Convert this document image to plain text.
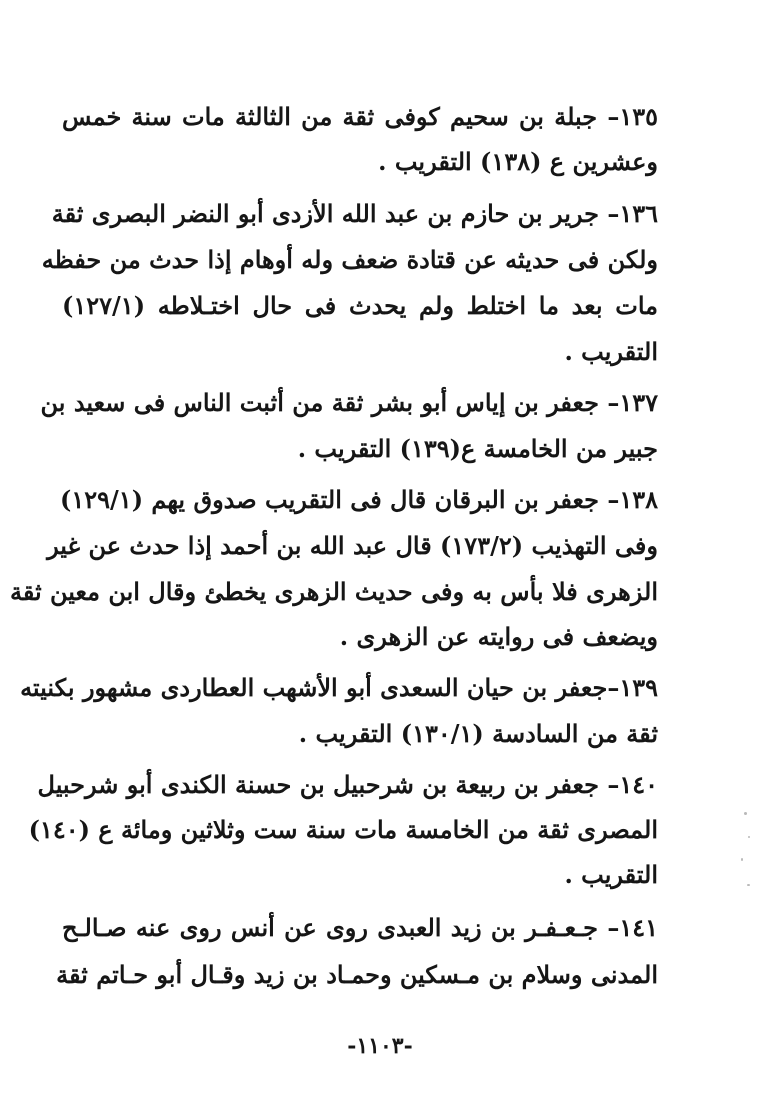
١٣٥– جبلة بن سحيم كوفى ثقة من الثالثة مات سنة خمس
وعشرين ع (١٣٨) التقريب .
١٣٦– جرير بن حازم بن عبد الله الأزدى أبو النضر البصرى ثقة
ولكن فى حديثه عن قتادة ضعف وله أوهام إذا حدث من حفظه
مات بعد ما اختلط ولم يحدث فى حال اختـلاطه (١٢٧/١)
التقريب .
١٣٧– جعفر بن إياس أبو بشر ثقة من أثبت الناس فى سعيد بن
جبير من الخامسة ع(١٣٩) التقريب .
١٣٨– جعفر بن البرقان قال فى التقريب صدوق يهم (١٢٩/١)
وفى التهذيب (١٧٣/٢) قال عبد الله بن أحمد إذا حدث عن غير
الزهرى فلا بأس به وفى حديث الزهرى يخطئ وقال ابن معين ثقة
ويضعف فى روايته عن الزهرى .
١٣٩–جعفر بن حيان السعدى أبو الأشهب العطاردى مشهور بكنيته
ثقة من السادسة (١٣٠/١) التقريب .
١٤٠– جعفر بن ربيعة بن شرحبيل بن حسنة الكندى أبو شرحبيل
المصرى ثقة من الخامسة مات سنة ست وثلاثين ومائة ع (١٤٠)
التقريب .
١٤١– جـعـفـر بن زيد العبدى روى عن أنس روى عنه صـالـح
المدنى وسلام بن مـسكين وحمـاد بن زيد وقـال أبو حـاتم ثقة
-١١٠٣-
